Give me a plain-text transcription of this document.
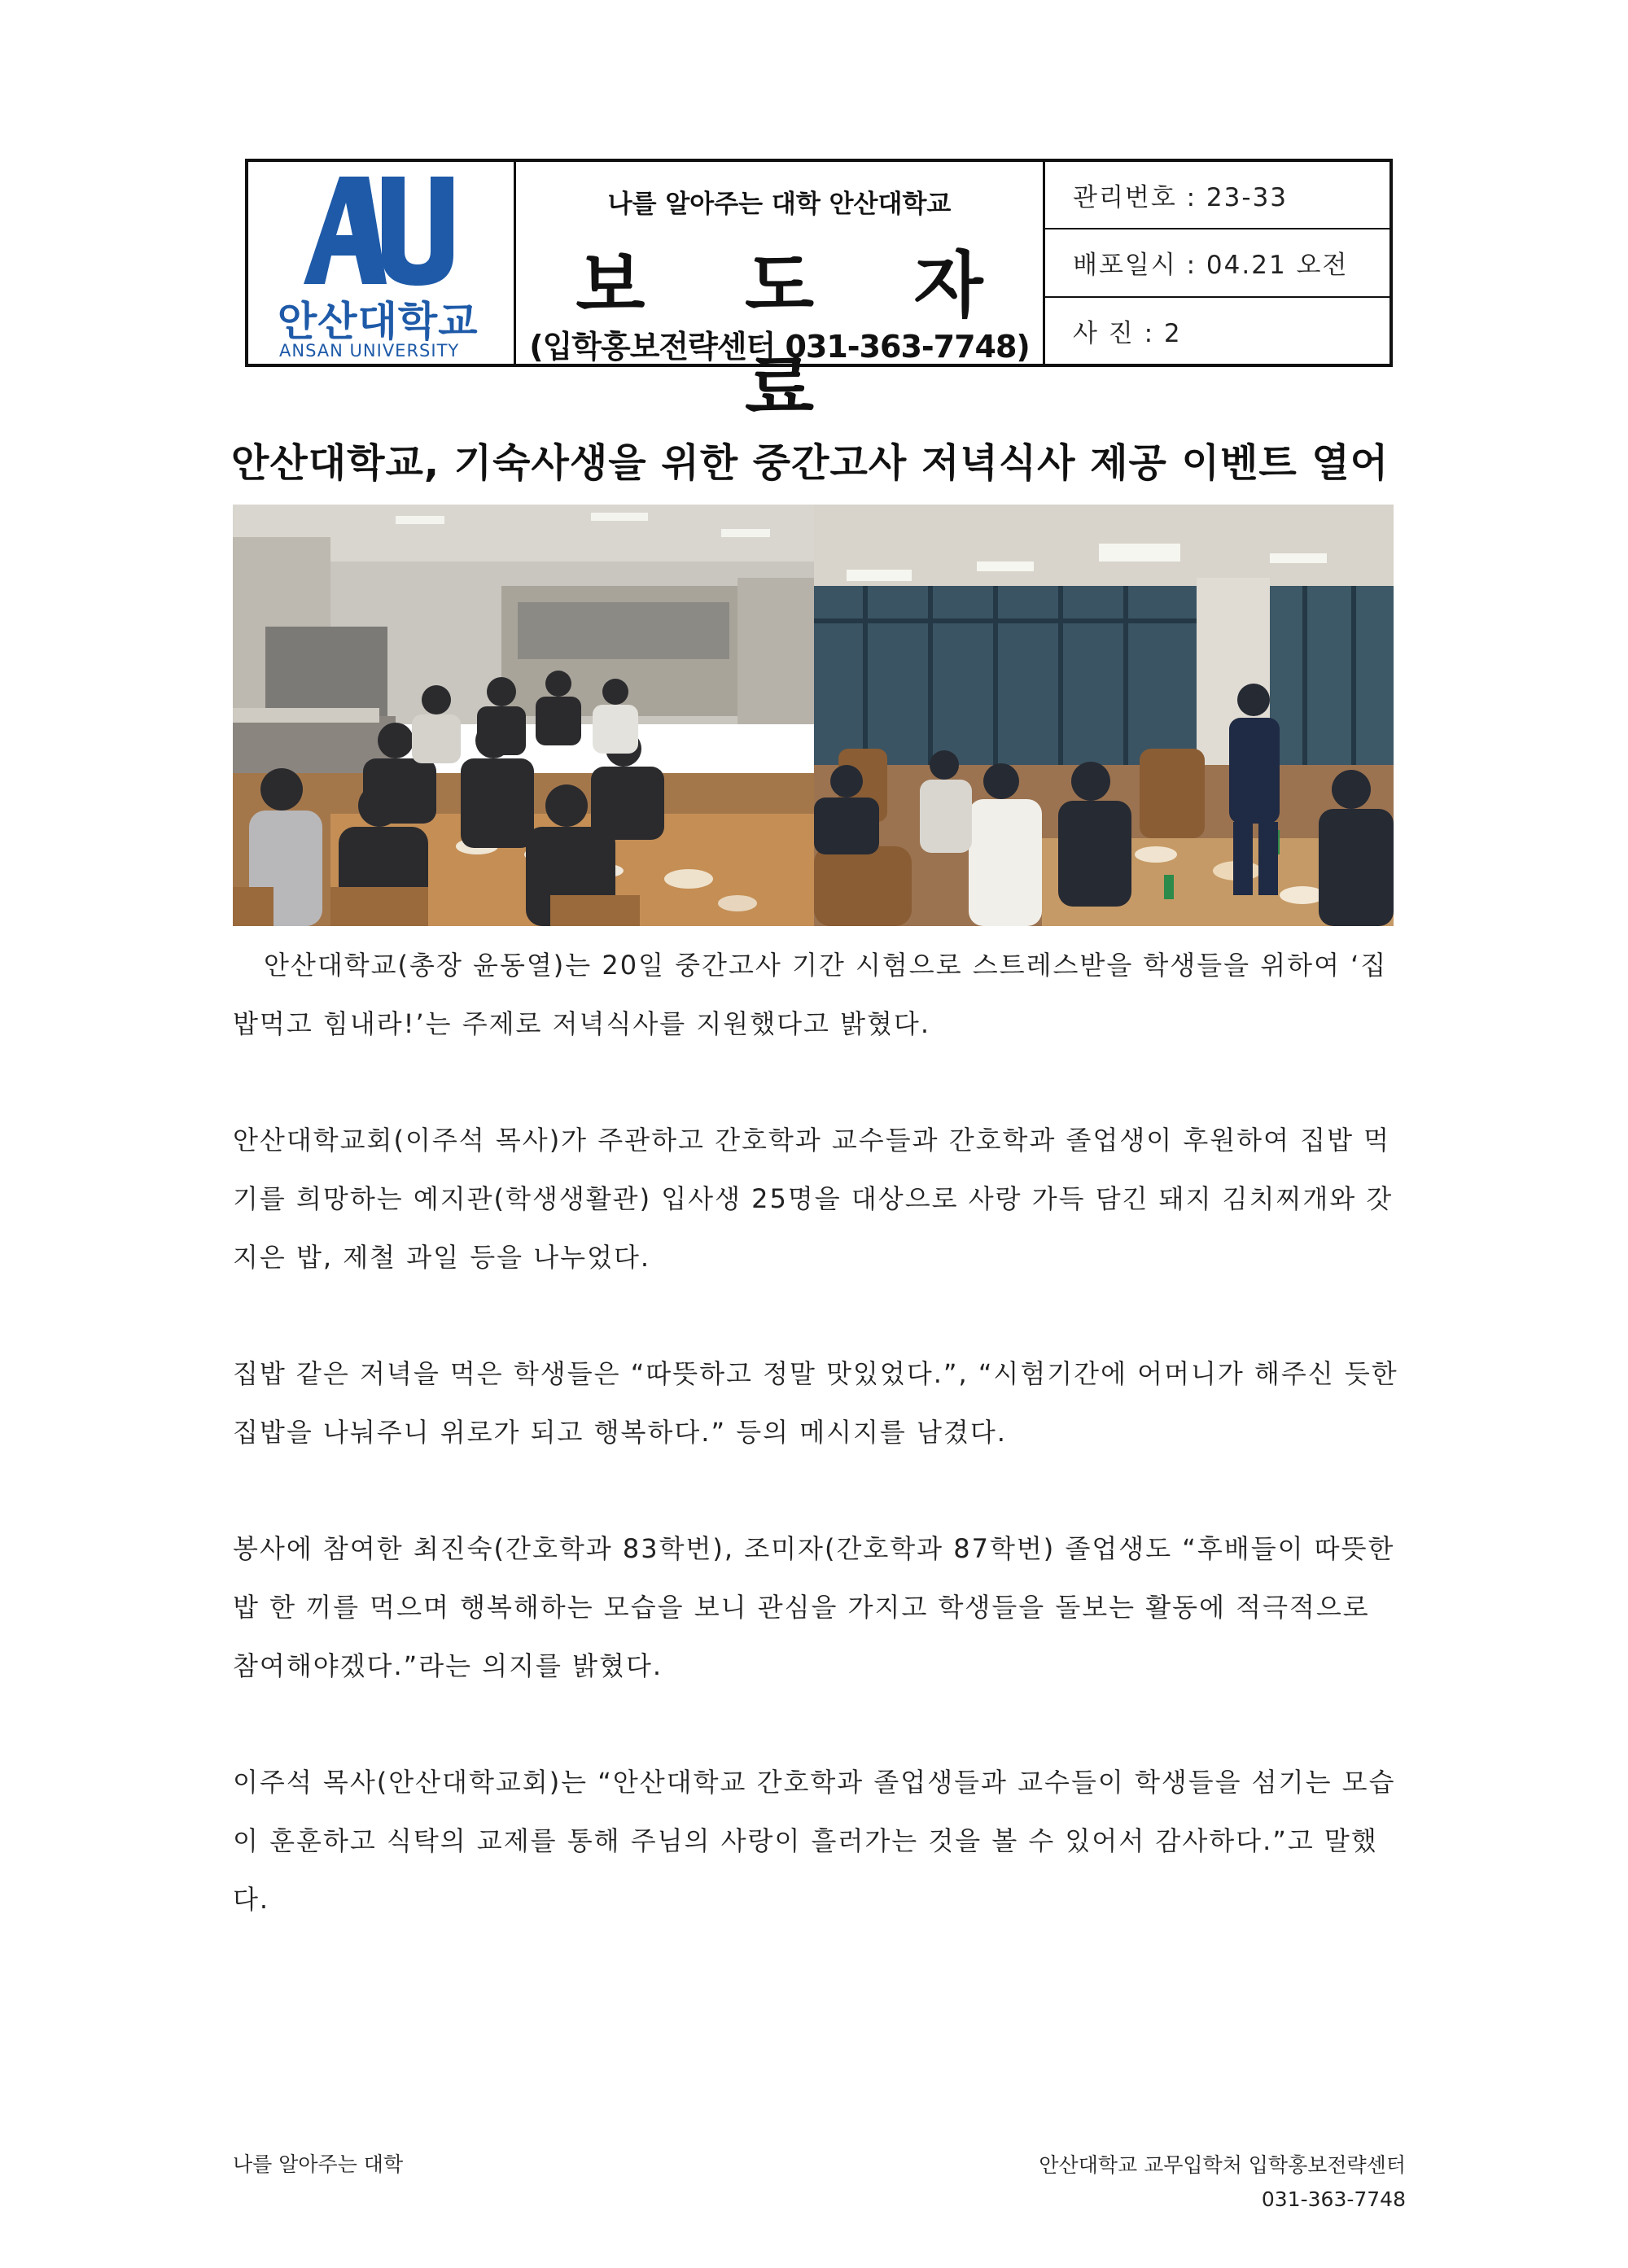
안산대학교
ANSAN UNIVERSITY
나를 알아주는 대학 안산대학교
보 도 자 료
(입학홍보전략센터 031-363-7748)
관리번호 : 23-33
배포일시 : 04.21 오전
사 진 : 2
안산대학교, 기숙사생을 위한 중간고사 저녁식사 제공 이벤트 열어

안산대학교(총장 윤동열)는 20일 중간고사 기간 시험으로 스트레스받을 학생들을 위하여 ‘집밥먹고 힘내라!’는 주제로 저녁식사를 지원했다고 밝혔다.

안산대학교회(이주석 목사)가 주관하고 간호학과 교수들과 간호학과 졸업생이 후원하여 집밥 먹기를 희망하는 예지관(학생생활관) 입사생 25명을 대상으로 사랑 가득 담긴 돼지 김치찌개와 갓 지은 밥, 제철 과일 등을 나누었다.

집밥 같은 저녁을 먹은 학생들은 “따뜻하고 정말 맛있었다.”, “시험기간에 어머니가 해주신 듯한 집밥을 나눠주니 위로가 되고 행복하다.” 등의 메시지를 남겼다.

봉사에 참여한 최진숙(간호학과 83학번), 조미자(간호학과 87학번) 졸업생도 “후배들이 따뜻한 밥 한 끼를 먹으며 행복해하는 모습을 보니 관심을 가지고 학생들을 돌보는 활동에 적극적으로 참여해야겠다.”라는 의지를 밝혔다.

이주석 목사(안산대학교회)는 “안산대학교 간호학과 졸업생들과 교수들이 학생들을 섬기는 모습이 훈훈하고 식탁의 교제를 통해 주님의 사랑이 흘러가는 것을 볼 수 있어서 감사하다.”고 말했다.

나를 알아주는 대학	안산대학교 교무입학처 입학홍보전략센터
031-363-7748
